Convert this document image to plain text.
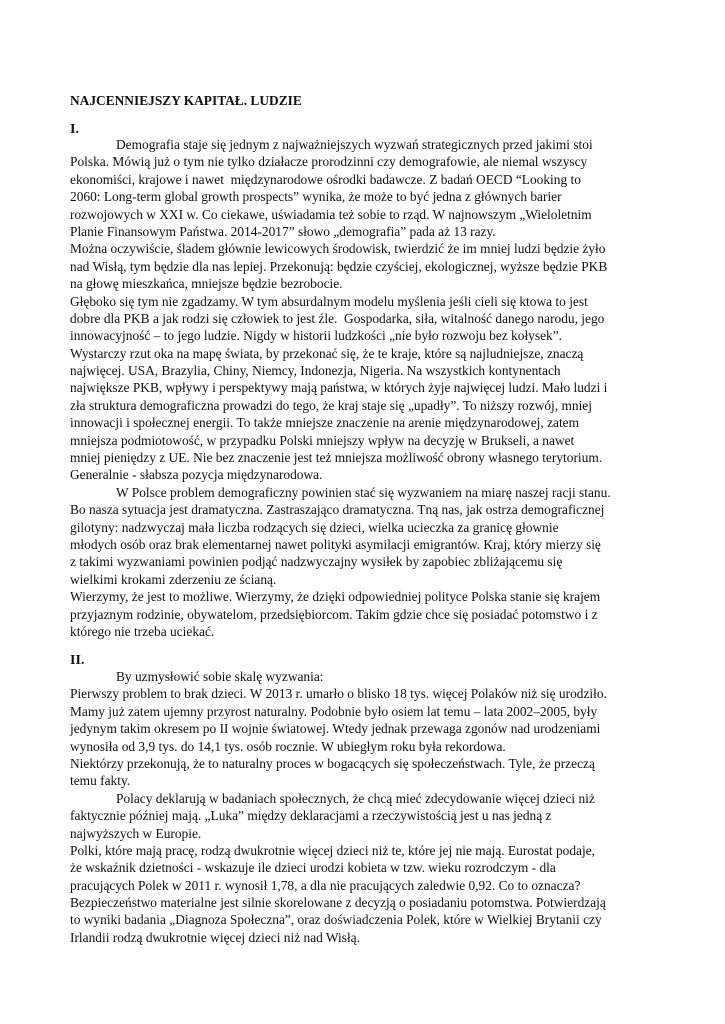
NAJCENNIEJSZY KAPITAŁ. LUDZIE
I.
Demografia staje się jednym z najważniejszych wyzwań strategicznych przed jakimi stoi
Polska. Mówią już o tym nie tylko działacze prorodzinni czy demografowie, ale niemal wszyscy
ekonomiści, krajowe i nawet  międzynarodowe ośrodki badawcze. Z badań OECD “Looking to
2060: Long-term global growth prospects” wynika, że może to być jedna z głównych barier
rozwojowych w XXI w. Co ciekawe, uświadamia też sobie to rząd. W najnowszym „Wieloletnim
Planie Finansowym Państwa. 2014-2017” słowo „demografia” pada aż 13 razy.
Można oczywiście, śladem głównie lewicowych środowisk, twierdzić że im mniej ludzi będzie żyło
nad Wisłą, tym będzie dla nas lepiej. Przekonują: będzie czyściej, ekologicznej, wyższe będzie PKB
na głowę mieszkańca, mniejsze będzie bezrobocie.
Głęboko się tym nie zgadzamy. W tym absurdalnym modelu myślenia jeśli cieli się ktowa to jest
dobre dla PKB a jak rodzi się człowiek to jest źle.  Gospodarka, siła, witalność danego narodu, jego
innowacyjność – to jego ludzie. Nigdy w historii ludzkości „nie było rozwoju bez kołysek”.
Wystarczy rzut oka na mapę świata, by przekonać się, że te kraje, które są najludniejsze, znaczą
najwięcej. USA, Brazylia, Chiny, Niemcy, Indonezja, Nigeria. Na wszystkich kontynentach
największe PKB, wpływy i perspektywy mają państwa, w których żyje najwięcej ludzi. Mało ludzi i
zła struktura demograficzna prowadzi do tego, że kraj staje się „upadły”. To niższy rozwój, mniej
innowacji i społecznej energii. To także mniejsze znaczenie na arenie międzynarodowej, zatem
mniejsza podmiotowość, w przypadku Polski mniejszy wpływ na decyzję w Brukseli, a nawet
mniej pieniędzy z UE. Nie bez znaczenie jest też mniejsza możliwość obrony własnego terytorium.
Generalnie - słabsza pozycja międzynarodowa.
W Polsce problem demograficzny powinien stać się wyzwaniem na miarę naszej racji stanu.
Bo nasza sytuacja jest dramatyczna. Zastraszająco dramatyczna. Tną nas, jak ostrza demograficznej
gilotyny: nadzwyczaj mała liczba rodzących się dzieci, wielka ucieczka za granicę głownie
młodych osób oraz brak elementarnej nawet polityki asymilacji emigrantów. Kraj, który mierzy się
z takimi wyzwaniami powinien podjąć nadzwyczajny wysiłek by zapobiec zbliżającemu się
wielkimi krokami zderzeniu ze ścianą.
Wierzymy, że jest to możliwe. Wierzymy, że dzięki odpowiedniej polityce Polska stanie się krajem
przyjaznym rodzinie, obywatelom, przedsiębiorcom. Takim gdzie chce się posiadać potomstwo i z
którego nie trzeba uciekać.
II.
By uzmysłowić sobie skalę wyzwania:
Pierwszy problem to brak dzieci. W 2013 r. umarło o blisko 18 tys. więcej Polaków niż się urodziło.
Mamy już zatem ujemny przyrost naturalny. Podobnie było osiem lat temu – lata 2002–2005, były
jedynym takim okresem po II wojnie światowej. Wtedy jednak przewaga zgonów nad urodzeniami
wynosiła od 3,9 tys. do 14,1 tys. osób rocznie. W ubiegłym roku była rekordowa.
Niektórzy przekonują, że to naturalny proces w bogacących się społeczeństwach. Tyle, że przeczą
temu fakty.
Polacy deklarują w badaniach społecznych, że chcą mieć zdecydowanie więcej dzieci niż
faktycznie później mają. „Luka” między deklaracjami a rzeczywistością jest u nas jedną z
najwyższych w Europie.
Polki, które mają pracę, rodzą dwukrotnie więcej dzieci niż te, które jej nie mają. Eurostat podaje,
że wskaźnik dzietności - wskazuje ile dzieci urodzi kobieta w tzw. wieku rozrodczym - dla
pracujących Polek w 2011 r. wynosił 1,78, a dla nie pracujących zaledwie 0,92. Co to oznacza?
Bezpieczeństwo materialne jest silnie skorelowane z decyzją o posiadaniu potomstwa. Potwierdzają
to wyniki badania „Diagnoza Społeczna”, oraz doświadczenia Polek, które w Wielkiej Brytanii czy
Irlandii rodzą dwukrotnie więcej dzieci niż nad Wisłą.
